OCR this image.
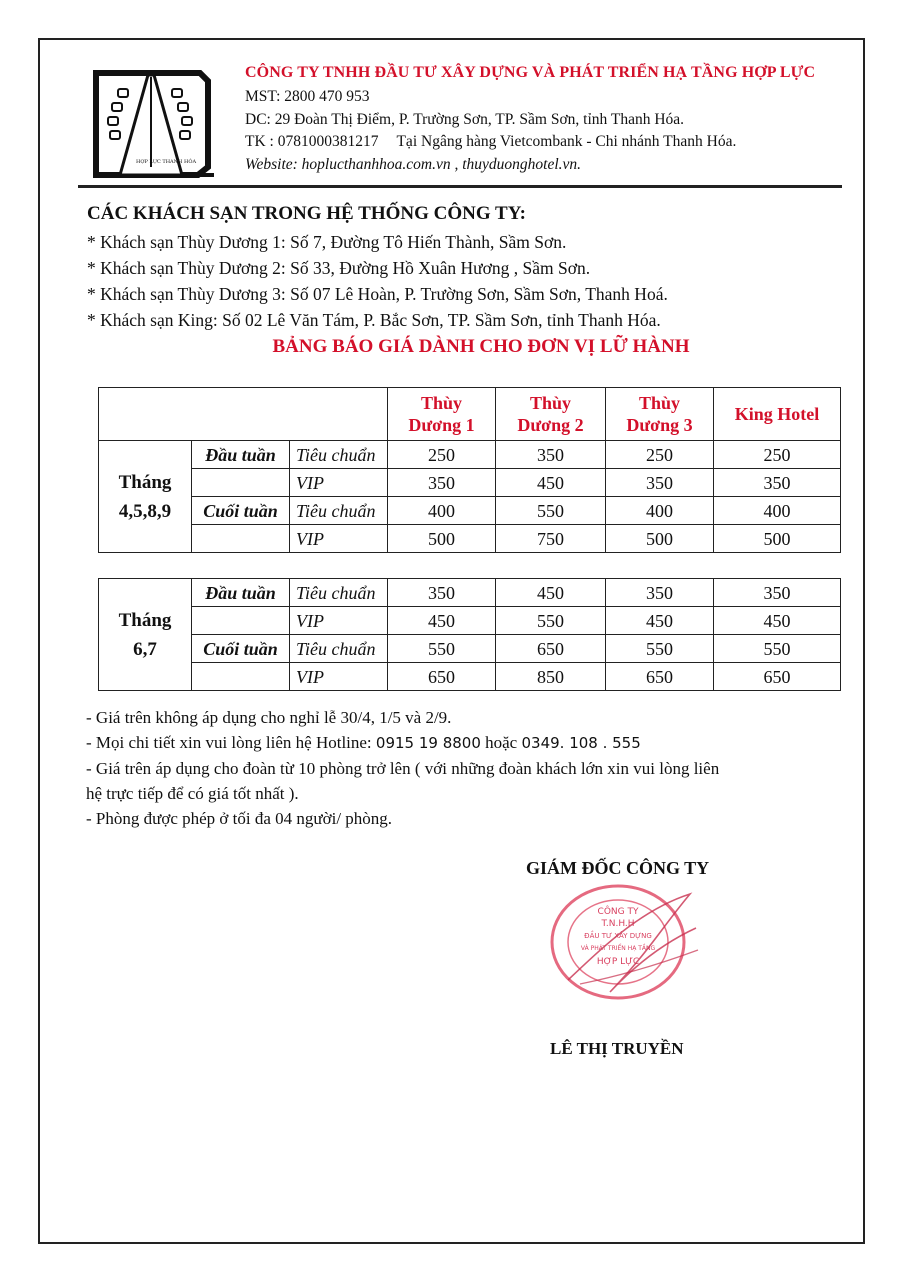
HỢP LỰC THANH HÓA
CÔNG TY TNHH ĐẦU TƯ XÂY DỰNG VÀ PHÁT TRIỂN HẠ TẦNG HỢP LỰC
MST: 2800 470 953
DC: 29 Đoàn Thị Điểm, P. Trường Sơn, TP. Sầm Sơn, tỉnh Thanh Hóa.
TK : 0781000381217 Tại Ngâng hàng Vietcombank - Chi nhánh Thanh Hóa.
Website: hoplucthanhhoa.com.vn , thuyduonghotel.vn.
CÁC KHÁCH SẠN TRONG HỆ THỐNG CÔNG TY:
* Khách sạn Thùy Dương 1: Số 7, Đường Tô Hiến Thành, Sầm Sơn.
* Khách sạn Thùy Dương 2: Số 33, Đường Hồ Xuân Hương , Sầm Sơn.
* Khách sạn Thùy Dương 3: Số 07 Lê Hoàn, P. Trường Sơn, Sầm Sơn, Thanh Hoá.
* Khách sạn King: Số 02 Lê Văn Tám, P. Bắc Sơn, TP. Sầm Sơn, tỉnh Thanh Hóa.
BẢNG BÁO GIÁ DÀNH CHO ĐƠN VỊ LỮ HÀNH
			Thùy
Dương 1	Thùy
Dương 2	Thùy
Dương 3	King Hotel
Tháng
4,5,8,9	Đầu tuần	Tiêu chuẩn	250	350	250	250
		VIP	350	450	350	350
	Cuối tuần	Tiêu chuẩn	400	550	400	400
		VIP	500	750	500	500
Tháng
6,7	Đầu tuần	Tiêu chuẩn	350	450	350	350
		VIP	450	550	450	450
	Cuối tuần	Tiêu chuẩn	550	650	550	550
		VIP	650	850	650	650
- Giá trên không áp dụng cho nghỉ lễ 30/4, 1/5 và 2/9.
- Mọi chi tiết xin vui lòng liên hệ Hotline: 0915 19 8800 hoặc 0349. 108 . 555
- Giá trên áp dụng cho đoàn từ 10 phòng trở lên ( với những đoàn khách lớn xin vui lòng liên
hệ trực tiếp để có giá tốt nhất ).
- Phòng được phép ở tối đa 04 người/ phòng.
GIÁM ĐỐC CÔNG TY
CÔNG TY
T.N.H.H
ĐẦU TƯ XÂY DỰNG
VÀ PHÁT TRIỂN HẠ TẦNG
HỢP LỰC
LÊ THỊ TRUYỀN
